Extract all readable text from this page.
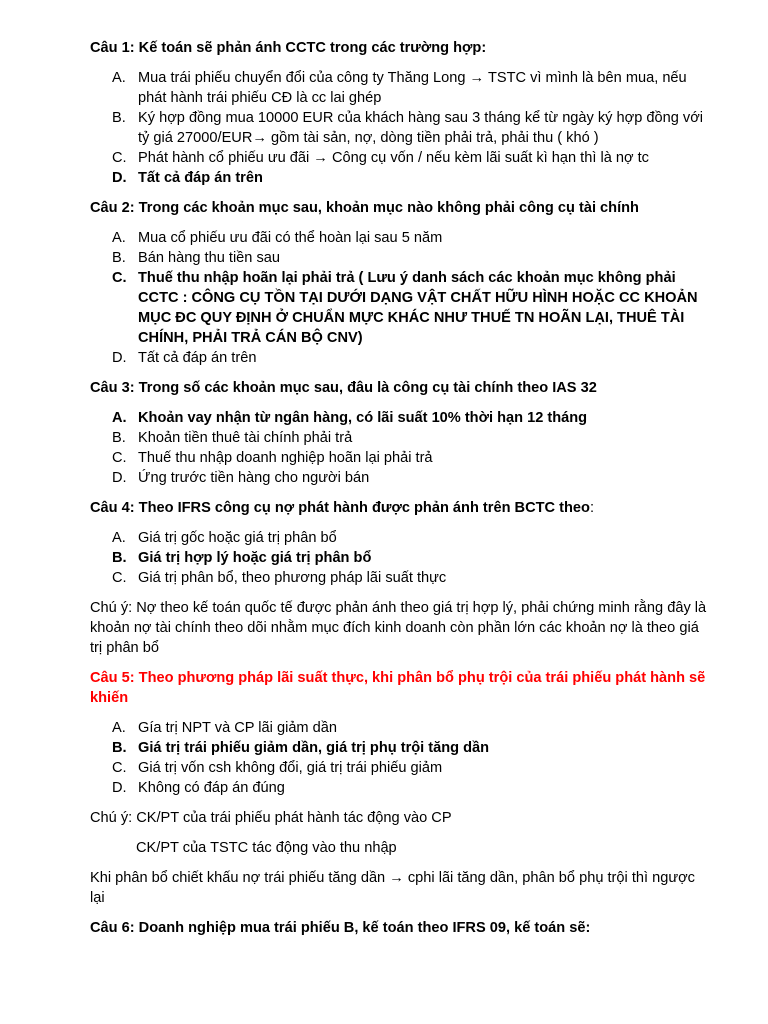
Câu 1: Kế toán sẽ phản ánh CCTC trong các trường hợp:

A. Mua trái phiếu chuyển đổi của công ty Thăng Long → TSTC vì mình là bên mua, nếu phát hành trái phiếu CĐ là cc lai ghép
B. Ký hợp đồng mua 10000 EUR của khách hàng sau 3 tháng kể từ ngày ký hợp đồng với tỷ giá 27000/EUR→ gồm tài sản, nợ, dòng tiền phải trả, phải thu ( khó )
C. Phát hành cổ phiếu ưu đãi → Công cụ vốn / nếu kèm lãi suất kì hạn thì là nợ tc
D. Tất cả đáp án trên

Câu 2: Trong các khoản mục sau, khoản mục nào không phải công cụ tài chính

A. Mua cổ phiếu ưu đãi có thể hoàn lại sau 5 năm
B. Bán hàng thu tiền sau
C. Thuế thu nhập hoãn lại phải trả ( Lưu ý danh sách các khoản mục không phải CCTC : CÔNG CỤ TỒN TẠI DƯỚI DẠNG VẬT CHẤT HỮU HÌNH HOẶC CC KHOẢN MỤC ĐC QUY ĐỊNH Ở CHUẨN MỰC KHÁC NHƯ THUẾ TN HOÃN LẠI, THUÊ TÀI CHÍNH, PHẢI TRẢ CÁN BỘ CNV)
D. Tất cả đáp án trên

Câu 3: Trong số các khoản mục sau, đâu là công cụ tài chính theo IAS 32

A. Khoản vay nhận từ ngân hàng, có lãi suất 10% thời hạn 12 tháng
B. Khoản tiền thuê tài chính phải trả
C. Thuế thu nhập doanh nghiệp hoãn lại phải trả
D. Ứng trước tiền hàng cho người bán

Câu 4: Theo IFRS công cụ nợ phát hành được phản ánh trên BCTC theo:

A. Giá trị gốc hoặc giá trị phân bổ
B. Giá trị hợp lý hoặc giá trị phân bổ
C. Giá trị phân bổ, theo phương pháp lãi suất thực

Chú ý: Nợ theo kế toán quốc tế được phản ánh theo giá trị hợp lý, phải chứng minh rằng đây là khoản nợ tài chính theo dõi nhằm mục đích kinh doanh còn phần lớn các khoản nợ là theo giá trị phân bổ

Câu 5: Theo phương pháp lãi suất thực, khi phân bổ phụ trội của trái phiếu phát hành sẽ khiến

A. Gía trị NPT và CP lãi giảm dần
B. Giá trị trái phiếu giảm dần, giá trị phụ trội tăng dần
C. Giá trị vốn csh không đổi, giá trị trái phiếu giảm
D. Không có đáp án đúng

Chú ý: CK/PT của trái phiếu phát hành tác động vào CP

CK/PT của TSTC tác động vào thu nhập

Khi phân bổ chiết khấu nợ trái phiếu tăng dần → cphi lãi tăng dần, phân bổ phụ trội thì ngược lại

Câu 6: Doanh nghiệp mua trái phiếu B, kế toán theo IFRS 09, kế toán sẽ:
